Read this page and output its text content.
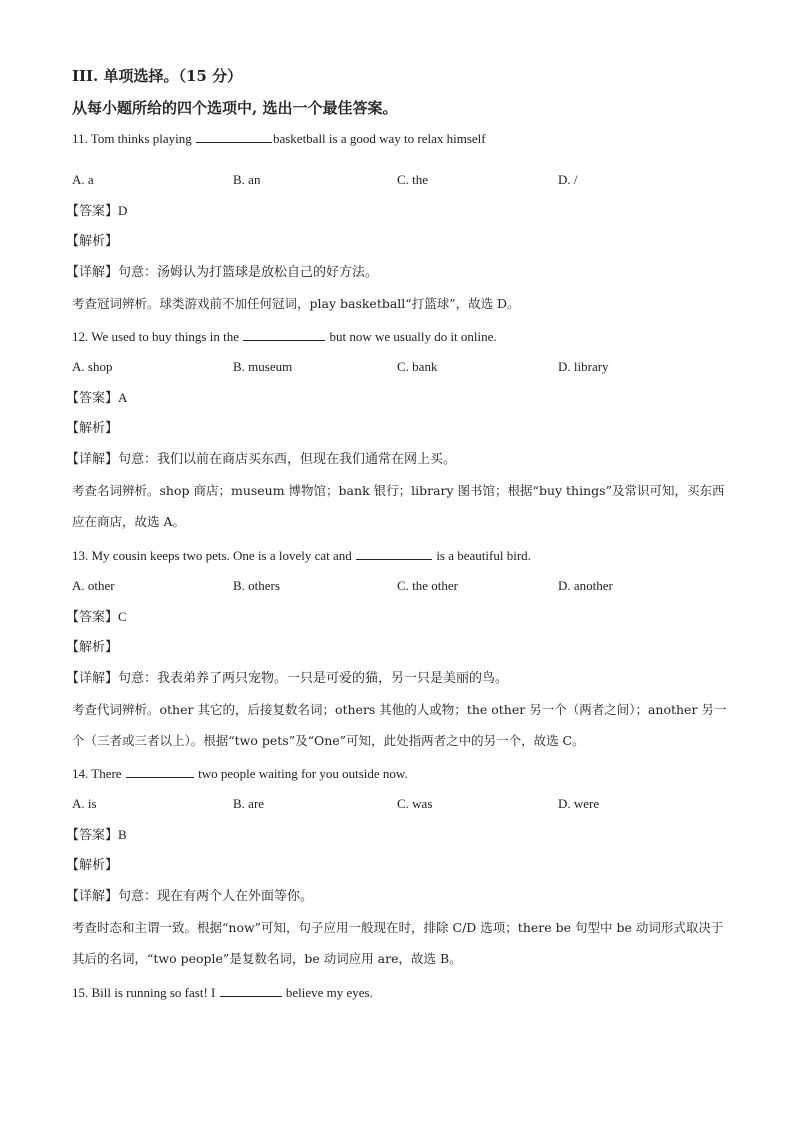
III. 单项选择。（15 分）
从每小题所给的四个选项中, 选出一个最佳答案。
11. Tom thinks playing	basketball is a good way to relax himself
A. a	B. an	C. the	D. /
【答案】D
【解析】
【详解】句意：汤姆认为打篮球是放松自己的好方法。
考查冠词辨析。球类游戏前不加任何冠词，play basketball“打篮球”，故选 D。
12. We used to buy things in the	but now we usually do it online.
A. shop	B. museum	C. bank	D. library
【答案】A
【解析】
【详解】句意：我们以前在商店买东西，但现在我们通常在网上买。
考查名词辨析。shop 商店；museum 博物馆；bank 银行；library 图书馆；根据“buy things”及常识可知，买东西应在商店，故选 A。
13. My cousin keeps two pets. One is a lovely cat and	is a beautiful bird.
A. other	B. others	C. the other	D. another
【答案】C
【解析】
【详解】句意：我表弟养了两只宠物。一只是可爱的猫，另一只是美丽的鸟。
考查代词辨析。other 其它的，后接复数名词；others 其他的人或物；the other 另一个（两者之间）；another 另一个（三者或三者以上）。根据“two pets”及“One”可知，此处指两者之中的另一个，故选 C。
14. There	two people waiting for you outside now.
A. is	B. are	C. was	D. were
【答案】B
【解析】
【详解】句意：现在有两个人在外面等你。
考查时态和主谓一致。根据“now”可知，句子应用一般现在时，排除 C/D 选项；there be 句型中 be 动词形式取决于其后的名词，“two people”是复数名词，be 动词应用 are，故选 B。
15. Bill is running so fast! I	believe my eyes.
